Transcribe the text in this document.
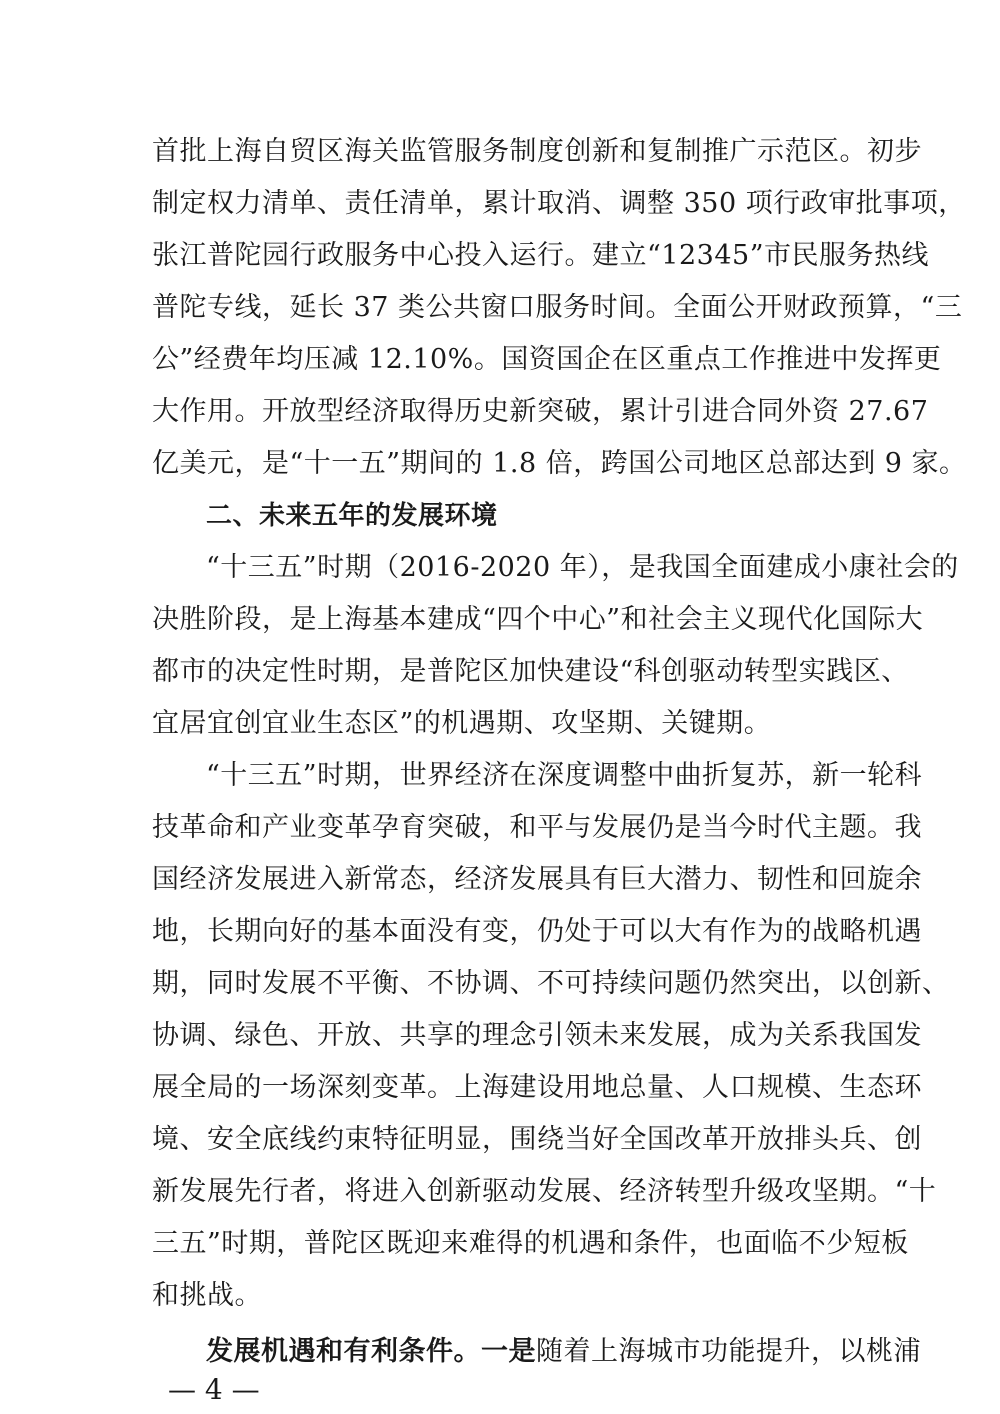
首批上海自贸区海关监管服务制度创新和复制推广示范区。初步
制定权力清单、责任清单，累计取消、调整 350 项行政审批事项，
张江普陀园行政服务中心投入运行。建立“12345”市民服务热线
普陀专线，延长 37 类公共窗口服务时间。全面公开财政预算，“三
公”经费年均压减 12.10%。国资国企在区重点工作推进中发挥更
大作用。开放型经济取得历史新突破，累计引进合同外资 27.67
亿美元，是“十一五”期间的 1.8 倍，跨国公司地区总部达到 9 家。
二、未来五年的发展环境
“十三五”时期（2016-2020 年），是我国全面建成小康社会的
决胜阶段，是上海基本建成“四个中心”和社会主义现代化国际大
都市的决定性时期，是普陀区加快建设“科创驱动转型实践区、
宜居宜创宜业生态区”的机遇期、攻坚期、关键期。
“十三五”时期，世界经济在深度调整中曲折复苏，新一轮科
技革命和产业变革孕育突破，和平与发展仍是当今时代主题。我
国经济发展进入新常态，经济发展具有巨大潜力、韧性和回旋余
地，长期向好的基本面没有变，仍处于可以大有作为的战略机遇
期，同时发展不平衡、不协调、不可持续问题仍然突出，以创新、
协调、绿色、开放、共享的理念引领未来发展，成为关系我国发
展全局的一场深刻变革。上海建设用地总量、人口规模、生态环
境、安全底线约束特征明显，围绕当好全国改革开放排头兵、创
新发展先行者，将进入创新驱动发展、经济转型升级攻坚期。“十
三五”时期，普陀区既迎来难得的机遇和条件，也面临不少短板
和挑战。
发展机遇和有利条件。一是随着上海城市功能提升，以桃浦
— 4 —
